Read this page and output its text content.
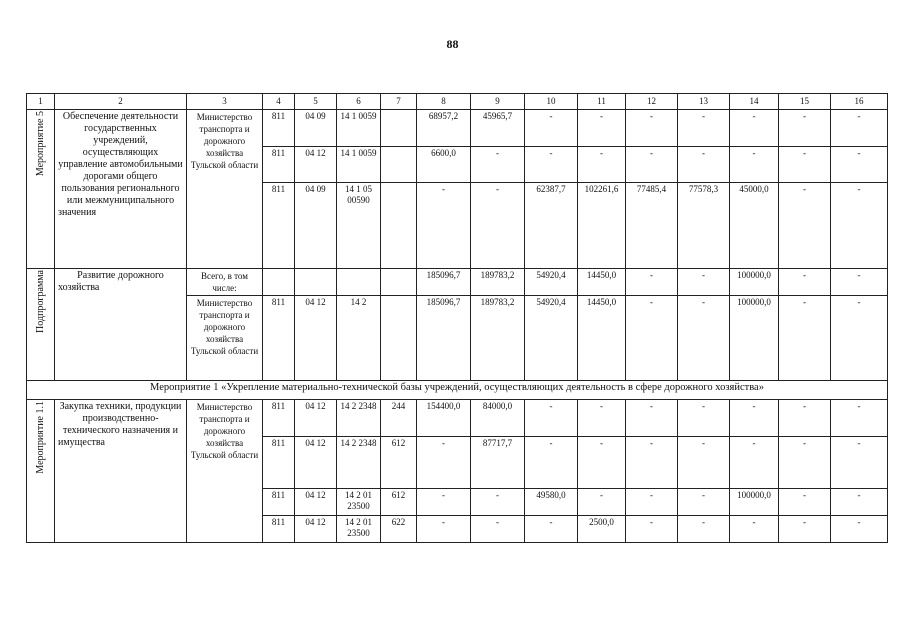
88
1	2	3	4	5	6	7	8	9	10	11	12	13	14	15	16

Мероприятие 5	Обеспечение деятельности государственных учреждений, осуществляющих управление автомобильными дорогами общего пользования регионального или межмуниципального значения	Министерство транспорта и дорожного хозяйства Тульской области	811	04 09	14 1 0059		68957,2	45965,7	-	-	-	-	-	-	-
			811	04 12	14 1 0059		6600,0	-	-	-	-	-	-	-	-
			811	04 09	14 1 05 00590		-	-	62387,7	102261,6	77485,4	77578,3	45000,0	-	-

Подпрограмма	Развитие дорожного хозяйства	Всего, в том числе:					185096,7	189783,2	54920,4	14450,0	-	-	100000,0	-	-
		Министерство транспорта и дорожного хозяйства Тульской области	811	04 12	14 2		185096,7	189783,2	54920,4	14450,0	-	-	100000,0	-	-
Мероприятие 1 «Укрепление материально-технической базы учреждений, осуществляющих деятельность в сфере дорожного хозяйства»															

Мероприятие 1.1	Закупка техники, продукции производственно-технического назначения и имущества	Министерство транспорта и дорожного хозяйства Тульской области	811	04 12	14 2 2348	244	154400,0	84000,0	-	-	-	-	-	-	-
			811	04 12	14 2 2348	612	-	87717,7	-	-	-	-	-	-	-
			811	04 12	14 2 01 23500	612	-	-	49580,0	-	-	-	100000,0	-	-
			811	04 12	14 2 01 23500	622	-	-	-	2500,0	-	-	-	-	-
